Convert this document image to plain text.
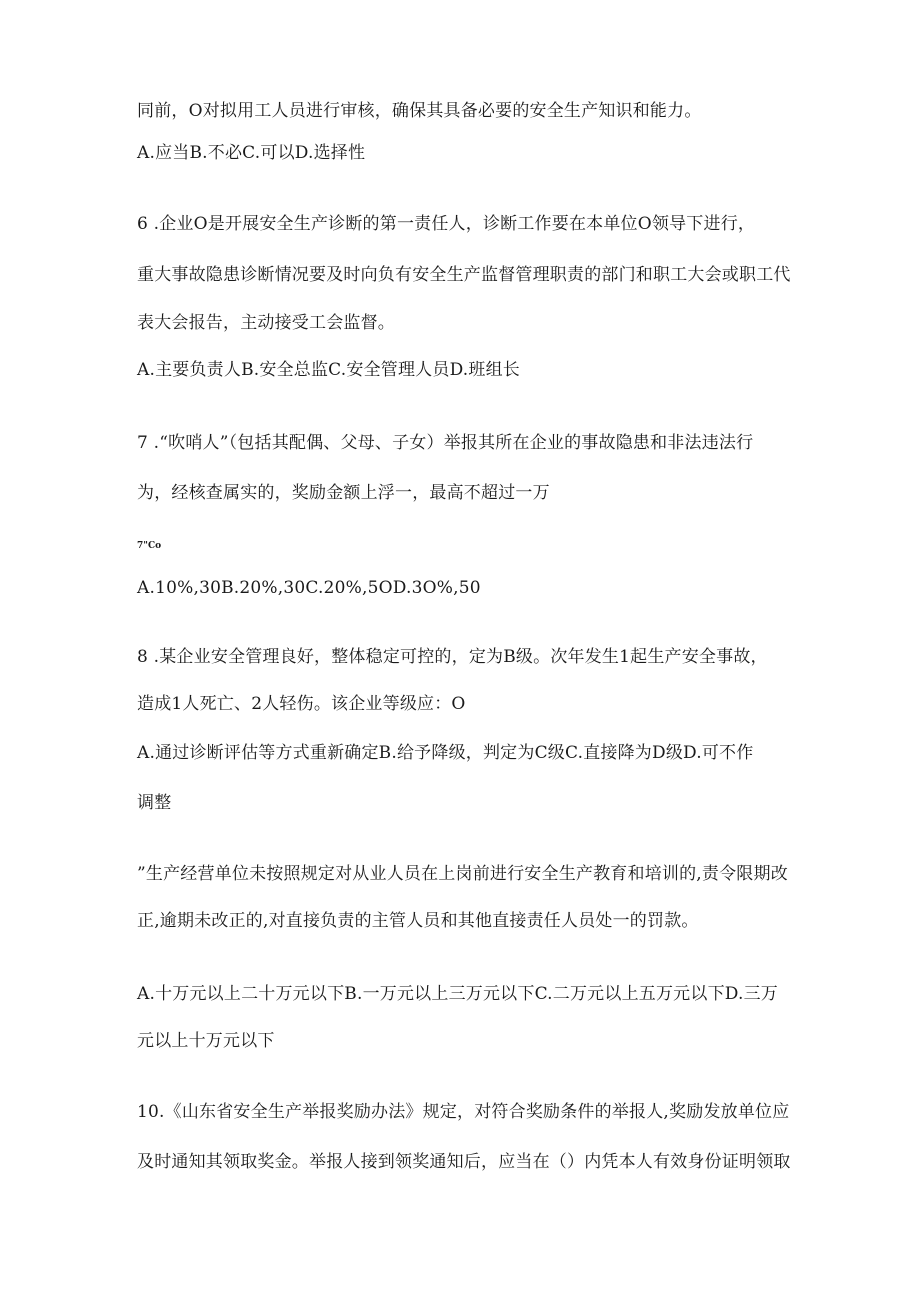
同前，O对拟用工人员进行审核，确保其具备必要的安全生产知识和能力。
A.应当B.不必C.可以D.选择性
6 .企业O是开展安全生产诊断的第一责任人，诊断工作要在本单位O领导下进行，
重大事故隐患诊断情况要及时向负有安全生产监督管理职责的部门和职工大会或职工代
表大会报告，主动接受工会监督。
A.主要负责人B.安全总监C.安全管理人员D.班组长
7 .“吹哨人”（包括其配偶、父母、子女）举报其所在企业的事故隐患和非法违法行
为，经核查属实的，奖励金额上浮一，最高不超过一万
7"Co
A.10%,30B.20%,30C.20%,5OD.3O%,50
8 .某企业安全管理良好，整体稳定可控的，定为B级。次年发生1起生产安全事故，
造成1人死亡、2人轻伤。该企业等级应：O
A.通过诊断评估等方式重新确定B.给予降级，判定为C级C.直接降为D级D.可不作
调整
”生产经营单位未按照规定对从业人员在上岗前进行安全生产教育和培训的,责令限期改
正,逾期未改正的,对直接负责的主管人员和其他直接责任人员处一的罚款。
A.十万元以上二十万元以下B.一万元以上三万元以下C.二万元以上五万元以下D.三万
元以上十万元以下
10.《山东省安全生产举报奖励办法》规定，对符合奖励条件的举报人,奖励发放单位应
及时通知其领取奖金。举报人接到领奖通知后，应当在（）内凭本人有效身份证明领取
